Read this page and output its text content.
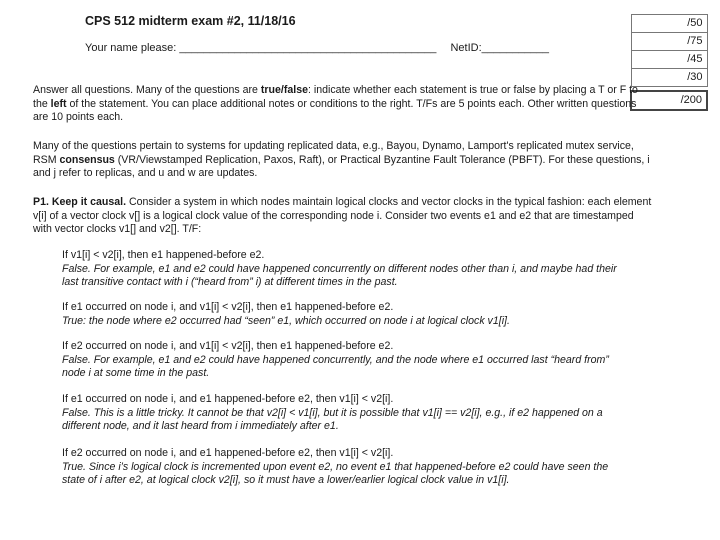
CPS 512 midterm exam #2, 11/18/16
Your name please: __________________________________________ NetID:___________
/50
/75
/45
/30

/200
Answer all questions. Many of the questions are true/false: indicate whether each statement is true or false by placing a T or F to the left of the statement. You can place additional notes or conditions to the right. T/Fs are 5 points each. Other written questions are 10 points each.
Many of the questions pertain to systems for updating replicated data, e.g., Bayou, Dynamo, Lamport's replicated mutex service, RSM consensus (VR/Viewstamped Replication, Paxos, Raft), or Practical Byzantine Fault Tolerance (PBFT). For these questions, i and j refer to replicas, and u and w are updates.
P1. Keep it causal. Consider a system in which nodes maintain logical clocks and vector clocks in the typical fashion: each element v[i] of a vector clock v[] is a logical clock value of the corresponding node i. Consider two events e1 and e2 that are timestamped with vector clocks v1[] and v2[]. T/F:
If v1[i] < v2[i], then e1 happened-before e2.
False. For example, e1 and e2 could have happened concurrently on different nodes other than i, and maybe had their last transitive contact with i (“heard from” i) at different times in the past.
If e1 occurred on node i, and v1[i] < v2[i], then e1 happened-before e2.
True: the node where e2 occurred had “seen” e1, which occurred on node i at logical clock v1[i].
If e2 occurred on node i, and v1[i] < v2[i], then e1 happened-before e2.
False. For example, e1 and e2 could have happened concurrently, and the node where e1 occurred last “heard from” node i at some time in the past.
If e1 occurred on node i, and e1 happened-before e2, then v1[i] < v2[i].
False. This is a little tricky. It cannot be that v2[i] < v1[i], but it is possible that v1[i] == v2[i], e.g., if e2 happened on a different node, and it last heard from i immediately after e1.
If e2 occurred on node i, and e1 happened-before e2, then v1[i] < v2[i].
True. Since i’s logical clock is incremented upon event e2, no event e1 that happened-before e2 could have seen the state of i after e2, at logical clock v2[i], so it must have a lower/earlier logical clock value in v1[i].
